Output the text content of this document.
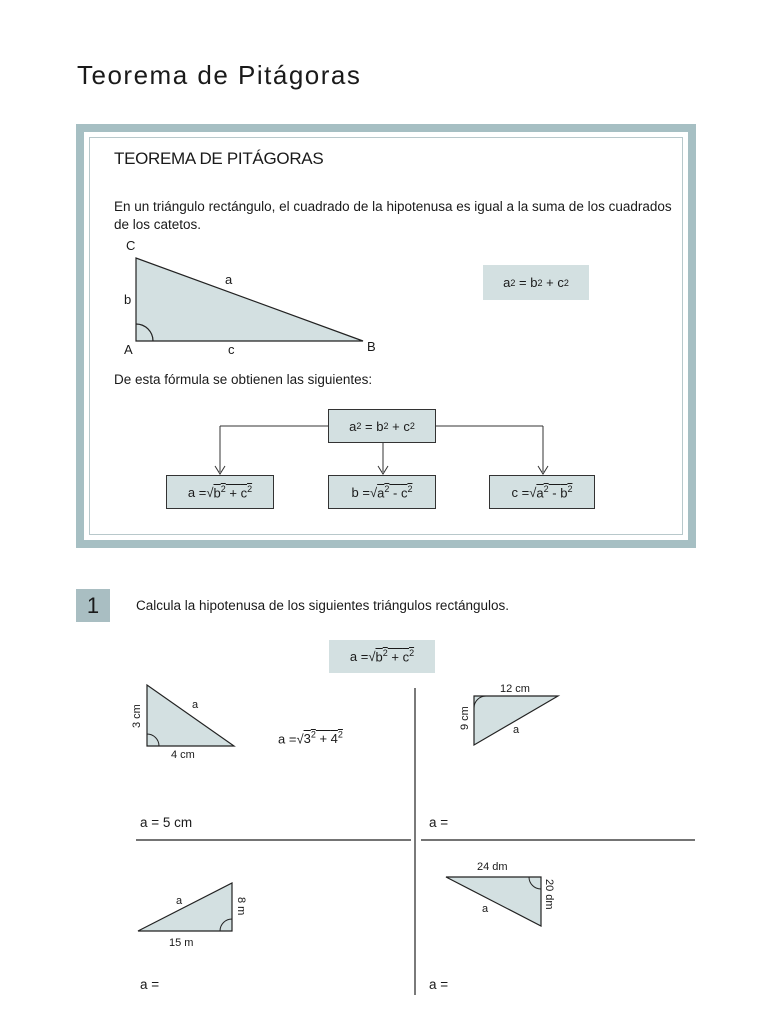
Teorema de Pitágoras
TEOREMA DE PITÁGORAS
En un triángulo rectángulo, el cuadrado de la hipotenusa es igual a la suma de los cuadrados de los catetos.
C
A	B
a
b
c
a 2 = b 2 + c 2
De esta fórmula se obtienen las siguientes:
a 2 = b 2 + c 2
a = √ $b^2 + c^2$	b = √ $a^2 - c^2$	c = √ $a^2 - b^2$
1	Calcula la hipotenusa de los siguientes triángulos rectángulos.
a = √ $b^2 + c^2$
3 cm
4 cm
a
$a =√3^2 + 4^2$
a = 5 cm
12 cm
9 cm	a
a =
15 m
8 m
a
a =
24 dm
20 dm
a
a =
